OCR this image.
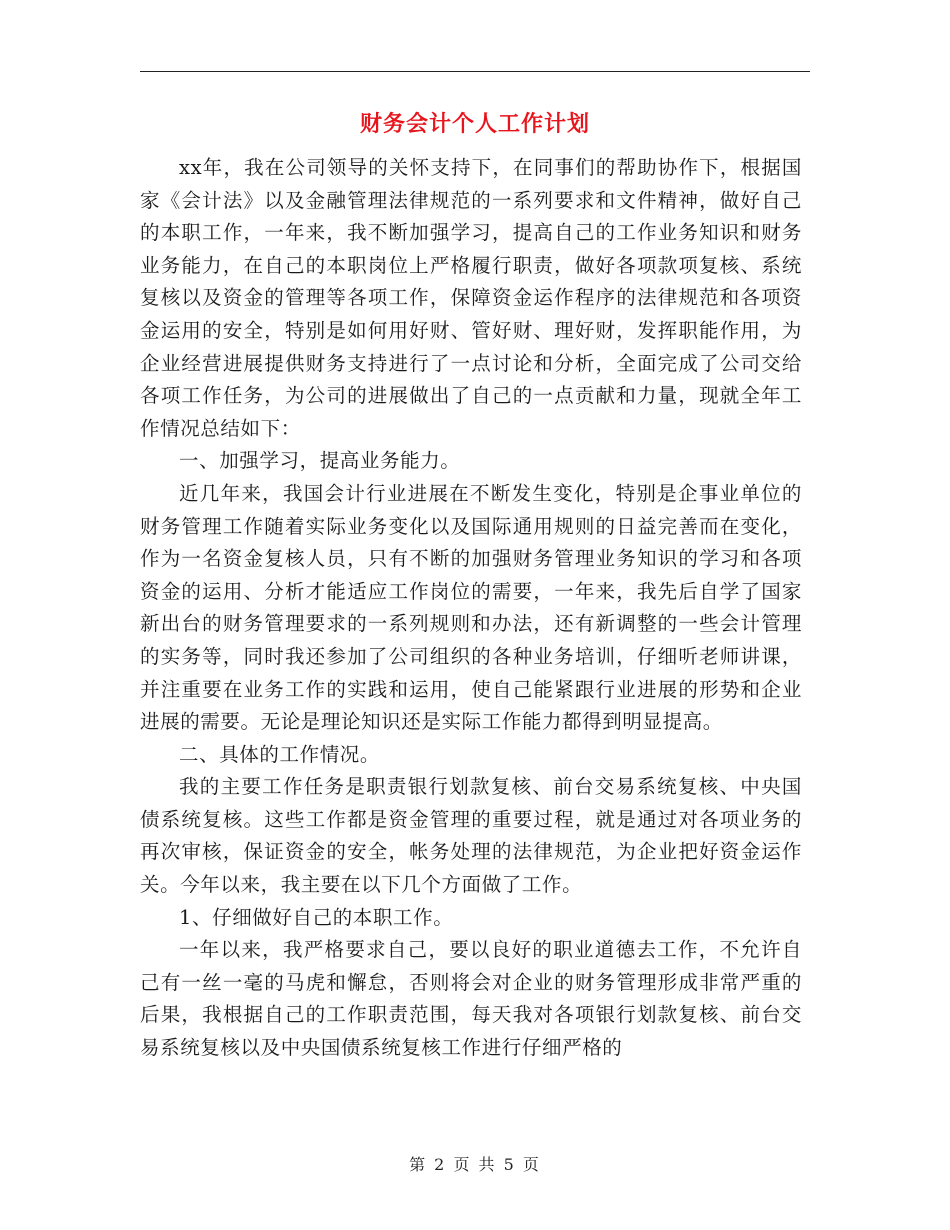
财务会计个人工作计划

xx年，我在公司领导的关怀支持下，在同事们的帮助协作下，根据国家《会计法》以及金融管理法律规范的一系列要求和文件精神，做好自己的本职工作，一年来，我不断加强学习，提高自己的工作业务知识和财务业务能力，在自己的本职岗位上严格履行职责，做好各项款项复核、系统复核以及资金的管理等各项工作，保障资金运作程序的法律规范和各项资金运用的安全，特别是如何用好财、管好财、理好财，发挥职能作用，为企业经营进展提供财务支持进行了一点讨论和分析，全面完成了公司交给各项工作任务，为公司的进展做出了自己的一点贡献和力量，现就全年工作情况总结如下：

一、加强学习，提高业务能力。

近几年来，我国会计行业进展在不断发生变化，特别是企事业单位的财务管理工作随着实际业务变化以及国际通用规则的日益完善而在变化，作为一名资金复核人员，只有不断的加强财务管理业务知识的学习和各项资金的运用、分析才能适应工作岗位的需要，一年来，我先后自学了国家新出台的财务管理要求的一系列规则和办法，还有新调整的一些会计管理的实务等，同时我还参加了公司组织的各种业务培训，仔细听老师讲课，并注重要在业务工作的实践和运用，使自己能紧跟行业进展的形势和企业进展的需要。无论是理论知识还是实际工作能力都得到明显提高。

二、具体的工作情况。

我的主要工作任务是职责银行划款复核、前台交易系统复核、中央国债系统复核。这些工作都是资金管理的重要过程，就是通过对各项业务的再次审核，保证资金的安全，帐务处理的法律规范，为企业把好资金运作关。今年以来，我主要在以下几个方面做了工作。

1、仔细做好自己的本职工作。

一年以来，我严格要求自己，要以良好的职业道德去工作，不允许自己有一丝一毫的马虎和懈怠，否则将会对企业的财务管理形成非常严重的后果，我根据自己的工作职责范围，每天我对各项银行划款复核、前台交易系统复核以及中央国债系统复核工作进行仔细严格的

第 2 页 共 5 页
